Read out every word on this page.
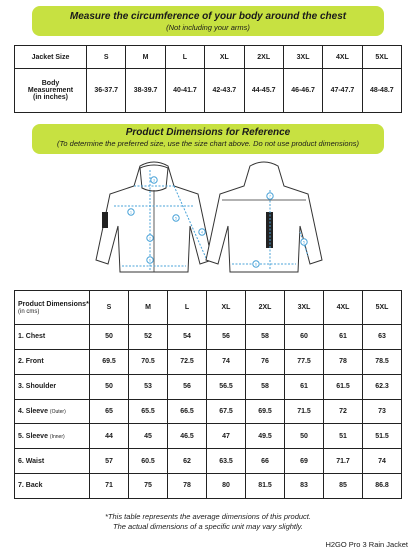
Measure the circumference of your body around the chest
(Not including your arms)
Jacket Size	S	M	L	XL	2XL	3XL	4XL	5XL

Body
Measurement
(in inches)	36-37.7	38-39.7	40-41.7	42-43.7	44-45.7	46-46.7	47-47.7	48-48.7
Product Dimensions for Reference
(To determine the preferred size, use the size chart above. Do not use product dimensions)
1
2
3
4
5
6
7
6
5
Product Dimensions*
(in cms)	S	M	L	XL	2XL	3XL	4XL	5XL
1. Chest	50	52	54	56	58	60	61	63
2. Front	69.5	70.5	72.5	74	76	77.5	78	78.5
3. Shoulder	50	53	56	56.5	58	61	61.5	62.3
4. Sleeve (Outer)	65	65.5	66.5	67.5	69.5	71.5	72	73
5. Sleeve (Inner)	44	45	46.5	47	49.5	50	51	51.5
6. Waist	57	60.5	62	63.5	66	69	71.7	74
7. Back	71	75	78	80	81.5	83	85	86.8
*This table represents the average dimensions of this product.
The actual dimensions of a specific unit may vary slightly.
H2GO Pro 3 Rain Jacket
